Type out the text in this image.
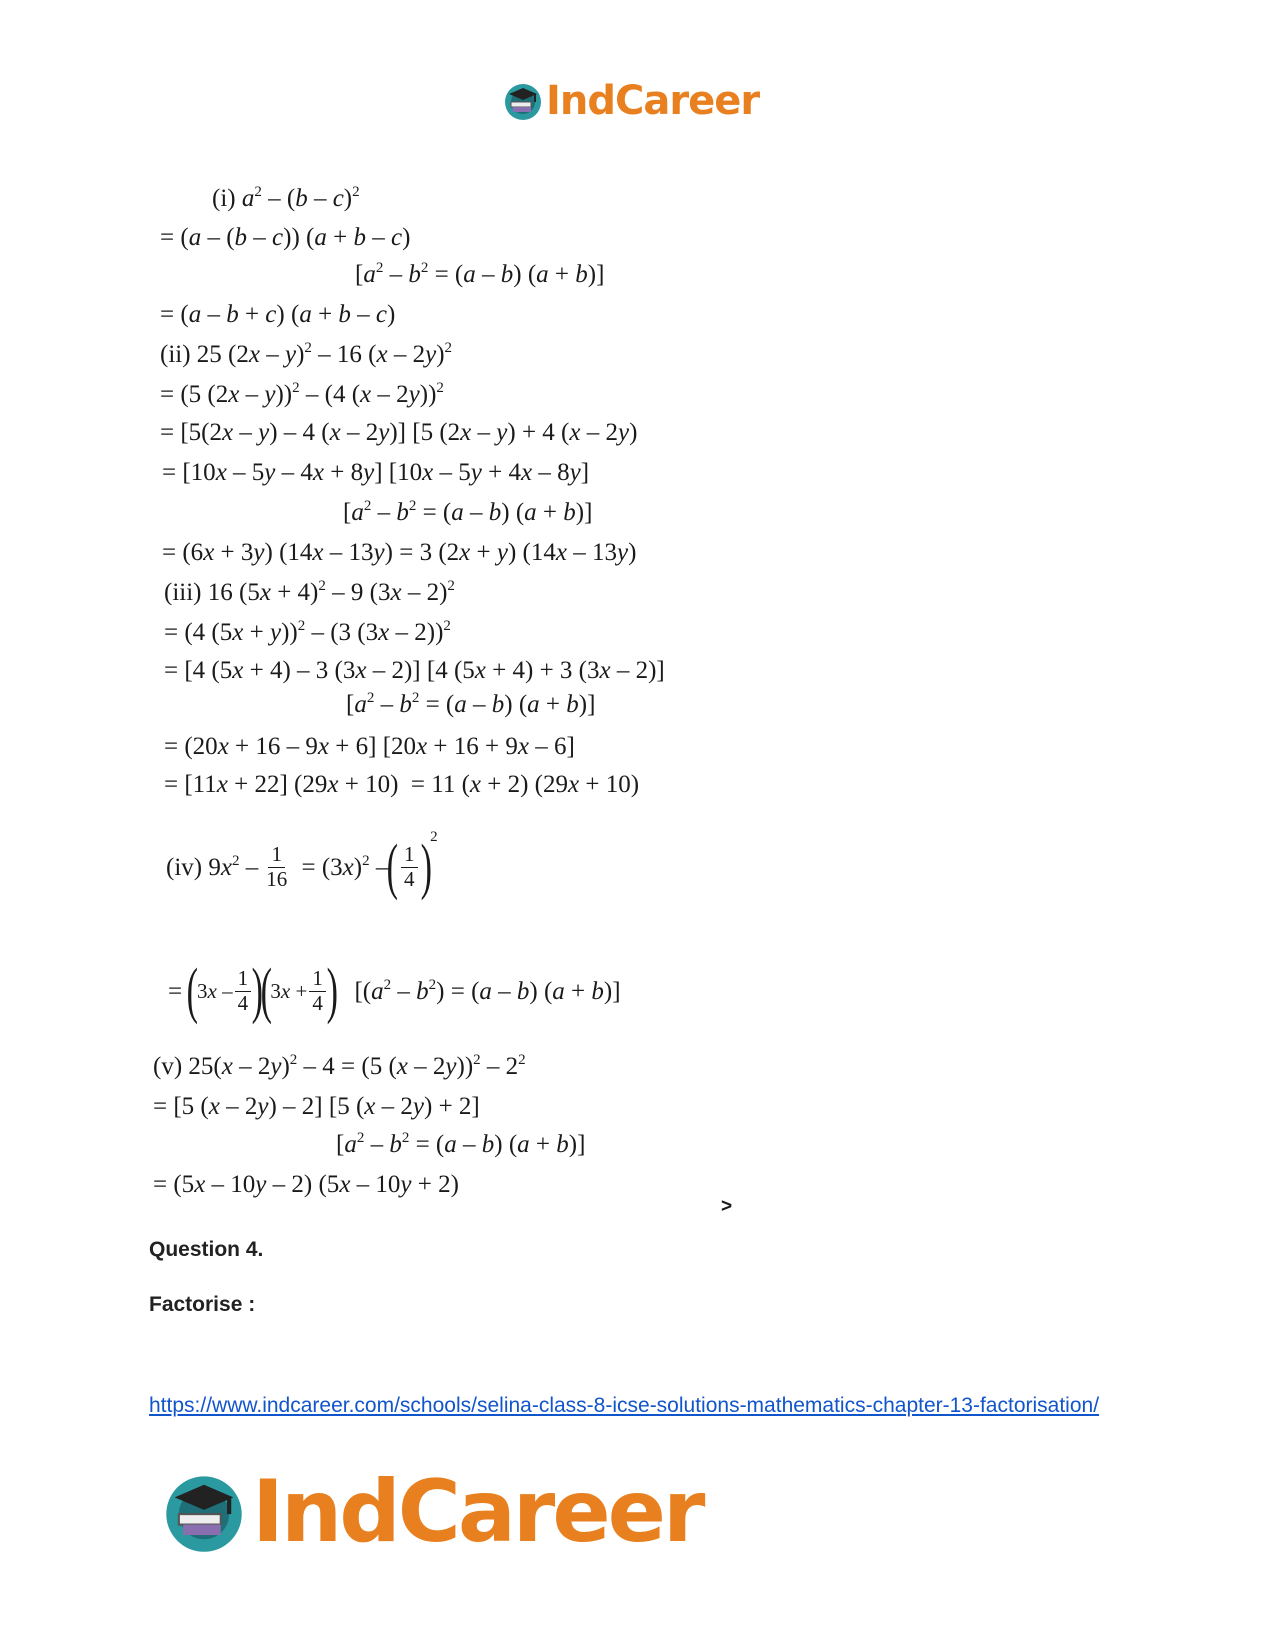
IndCareer
(i) $a^2 - (b - c)^2$
= (a – (b – c)) (a + b – c)
$[a^2 - b^2 = (a - b) (a + b)]$
= (a – b + c) (a + b – c)
(ii) 25 (2x – y)$^2$ – 16 (x – 2y)$^2$
= (5 (2x – y))$^2$ – (4 (x – 2y))$^2$
= [5(2x – y) – 4 (x – 2y)] [5 (2x – y) + 4 (x – 2y)
= [10x – 5y – 4x + 8y] [10x – 5y + 4x – 8y]
$[a^2 - b^2 = (a - b) (a + b)]$
= (6x + 3y) (14x – 13y) = 3 (2x + y) (14x – 13y)
(iii) 16 $(5x + 4)^2 - 9$ (3x – 2)$^2$
= (4 (5x + y))$^2$ – (3 (3x – 2))$^2$
= [4 (5x + 4) – 3 (3x – 2)] [4 (5x + 4) + 3 (3x – 2)]
$[a^2 - b^2 = (a - b) (a + b)]$
= (20x + 16 – 9x + 6] [20x + 16 + 9x – 6]
= [11x + 22] (29x + 10)  = 11 (x + 2) (29x + 10)
(iv) $9x^2 - \frac{1}{16} = (3x)^2$ –
( $\frac{1}{4}$ )
2
=
(
$3x - \frac{1}{4}$ )
(
$3x + \frac{1}{4}$ ) $[(a^2 - b^2) = (a - b) (a + b)]$
(v) 25(x – 2y)$^2$ – 4 = (5 $(x - 2y))^2 - 2^2$
= [5 (x – 2y) – 2] [5 (x – 2y) + 2]
$[a^2 - b^2 = (a - b) (a + b)]$
= (5x – 10y – 2) (5x – 10y + 2)
>
Question 4.
Factorise :
https://www.indcareer.com/schools/selina-class-8-icse-solutions-mathematics-chapter-13-factorisation/
IndCareer
